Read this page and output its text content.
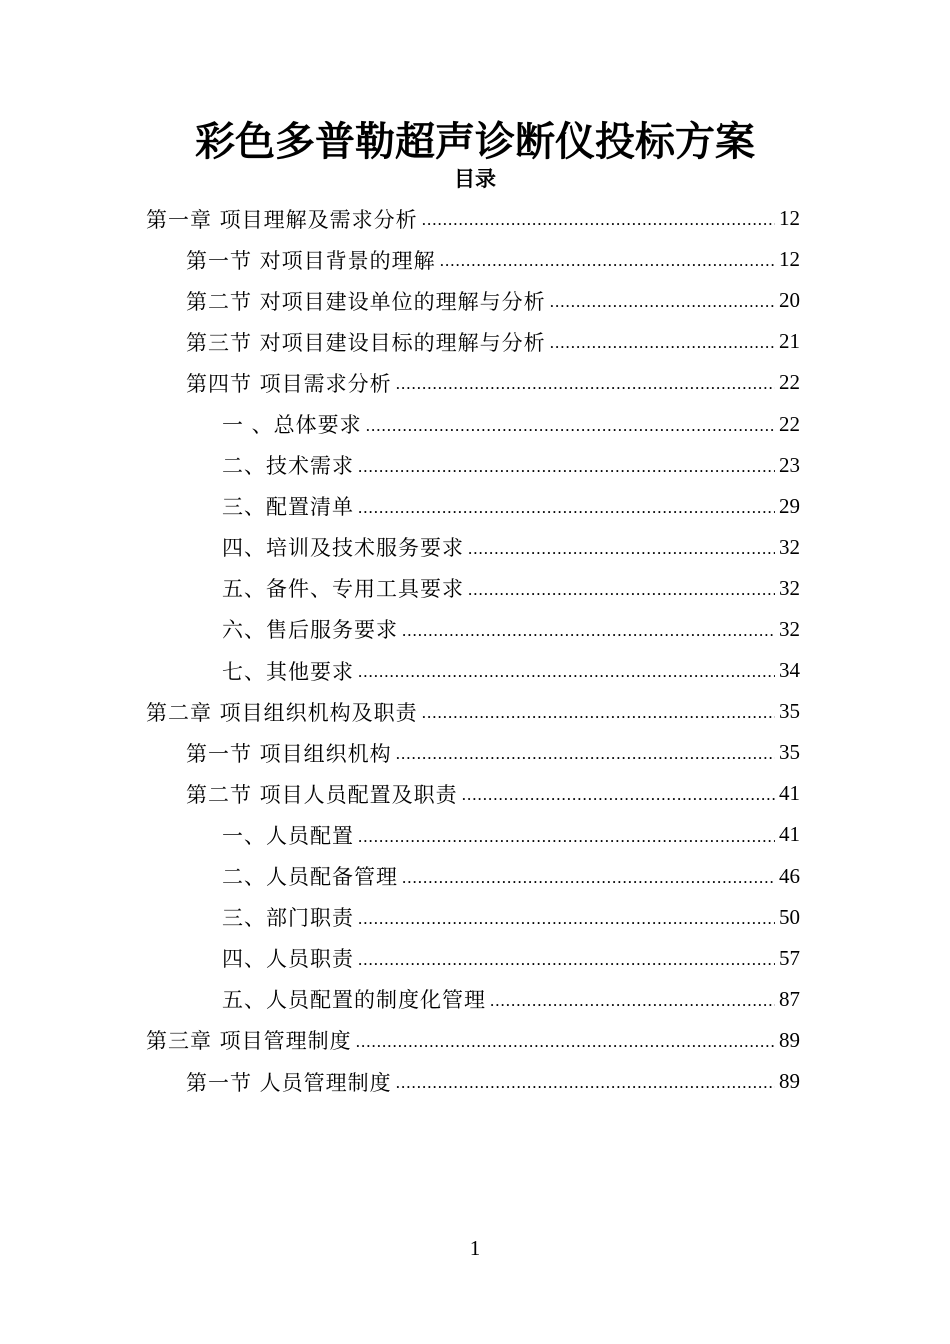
彩色多普勒超声诊断仪投标方案
目录
第一章 项目理解及需求分析 .....	12
第一节 对项目背景的理解 .....	12
第二节 对项目建设单位的理解与分析 .....	20
第三节 对项目建设目标的理解与分析 .....	21
第四节 项目需求分析 .....	22
一 、总体要求 .....	22
二、技术需求 .....	23
三、配置清单 .....	29
四、培训及技术服务要求 .....	32
五、备件、专用工具要求 .....	32
六、售后服务要求 .....	32
七、其他要求 .....	34
第二章 项目组织机构及职责 .....	35
第一节 项目组织机构 .....	35
第二节 项目人员配置及职责 .....	41
一、人员配置 .....	41
二、人员配备管理 .....	46
三、部门职责 .....	50
四、人员职责 .....	57
五、人员配置的制度化管理 .....	87
第三章 项目管理制度 .....	89
第一节 人员管理制度 .....	89

1
